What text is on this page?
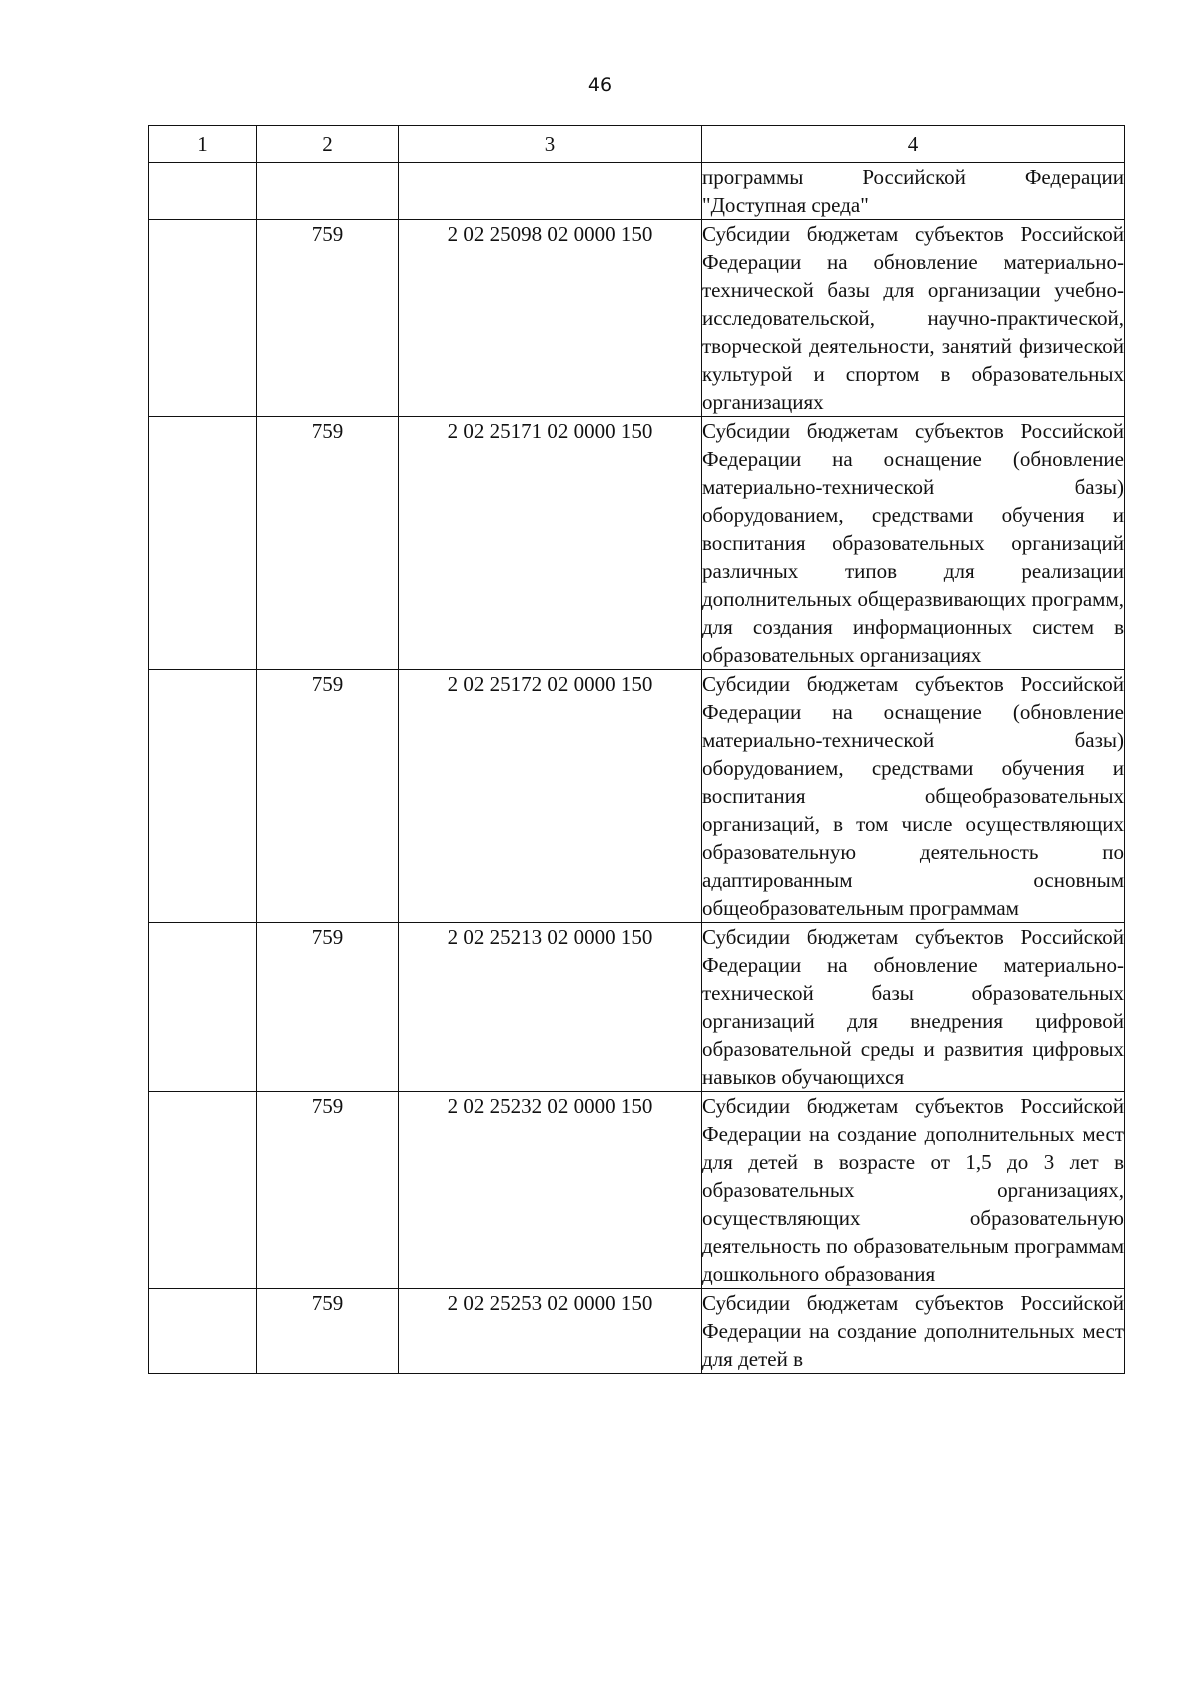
46
1	2	3	4
			программы Российской Федерации "Доступная среда"
	759	2 02 25098 02 0000 150	Субсидии бюджетам субъектов Российской Федерации на обновление материально-технической базы для организации учебно-исследовательской, научно-практической, творческой деятельности, занятий физической культурой и спортом в образовательных организациях
	759	2 02 25171 02 0000 150	Субсидии бюджетам субъектов Российской Федерации на оснащение (обновление материально-технической базы) оборудованием, средствами обучения и воспитания образовательных организаций различных типов для реализации дополнительных общеразвивающих программ, для создания информационных систем в образовательных организациях
	759	2 02 25172 02 0000 150	Субсидии бюджетам субъектов Российской Федерации на оснащение (обновление материально-технической базы) оборудованием, средствами обучения и воспитания общеобразовательных организаций, в том числе осуществляющих образовательную деятельность по адаптированным основным общеобразовательным программам
	759	2 02 25213 02 0000 150	Субсидии бюджетам субъектов Российской Федерации на обновление материально-технической базы образовательных организаций для внедрения цифровой образовательной среды и развития цифровых навыков обучающихся
	759	2 02 25232 02 0000 150	Субсидии бюджетам субъектов Российской Федерации на создание дополнительных мест для детей в возрасте от 1,5 до 3 лет в образовательных организациях, осуществляющих образовательную деятельность по образовательным программам дошкольного образования
	759	2 02 25253 02 0000 150	Субсидии бюджетам субъектов Российской Федерации на создание дополнительных мест для детей в
